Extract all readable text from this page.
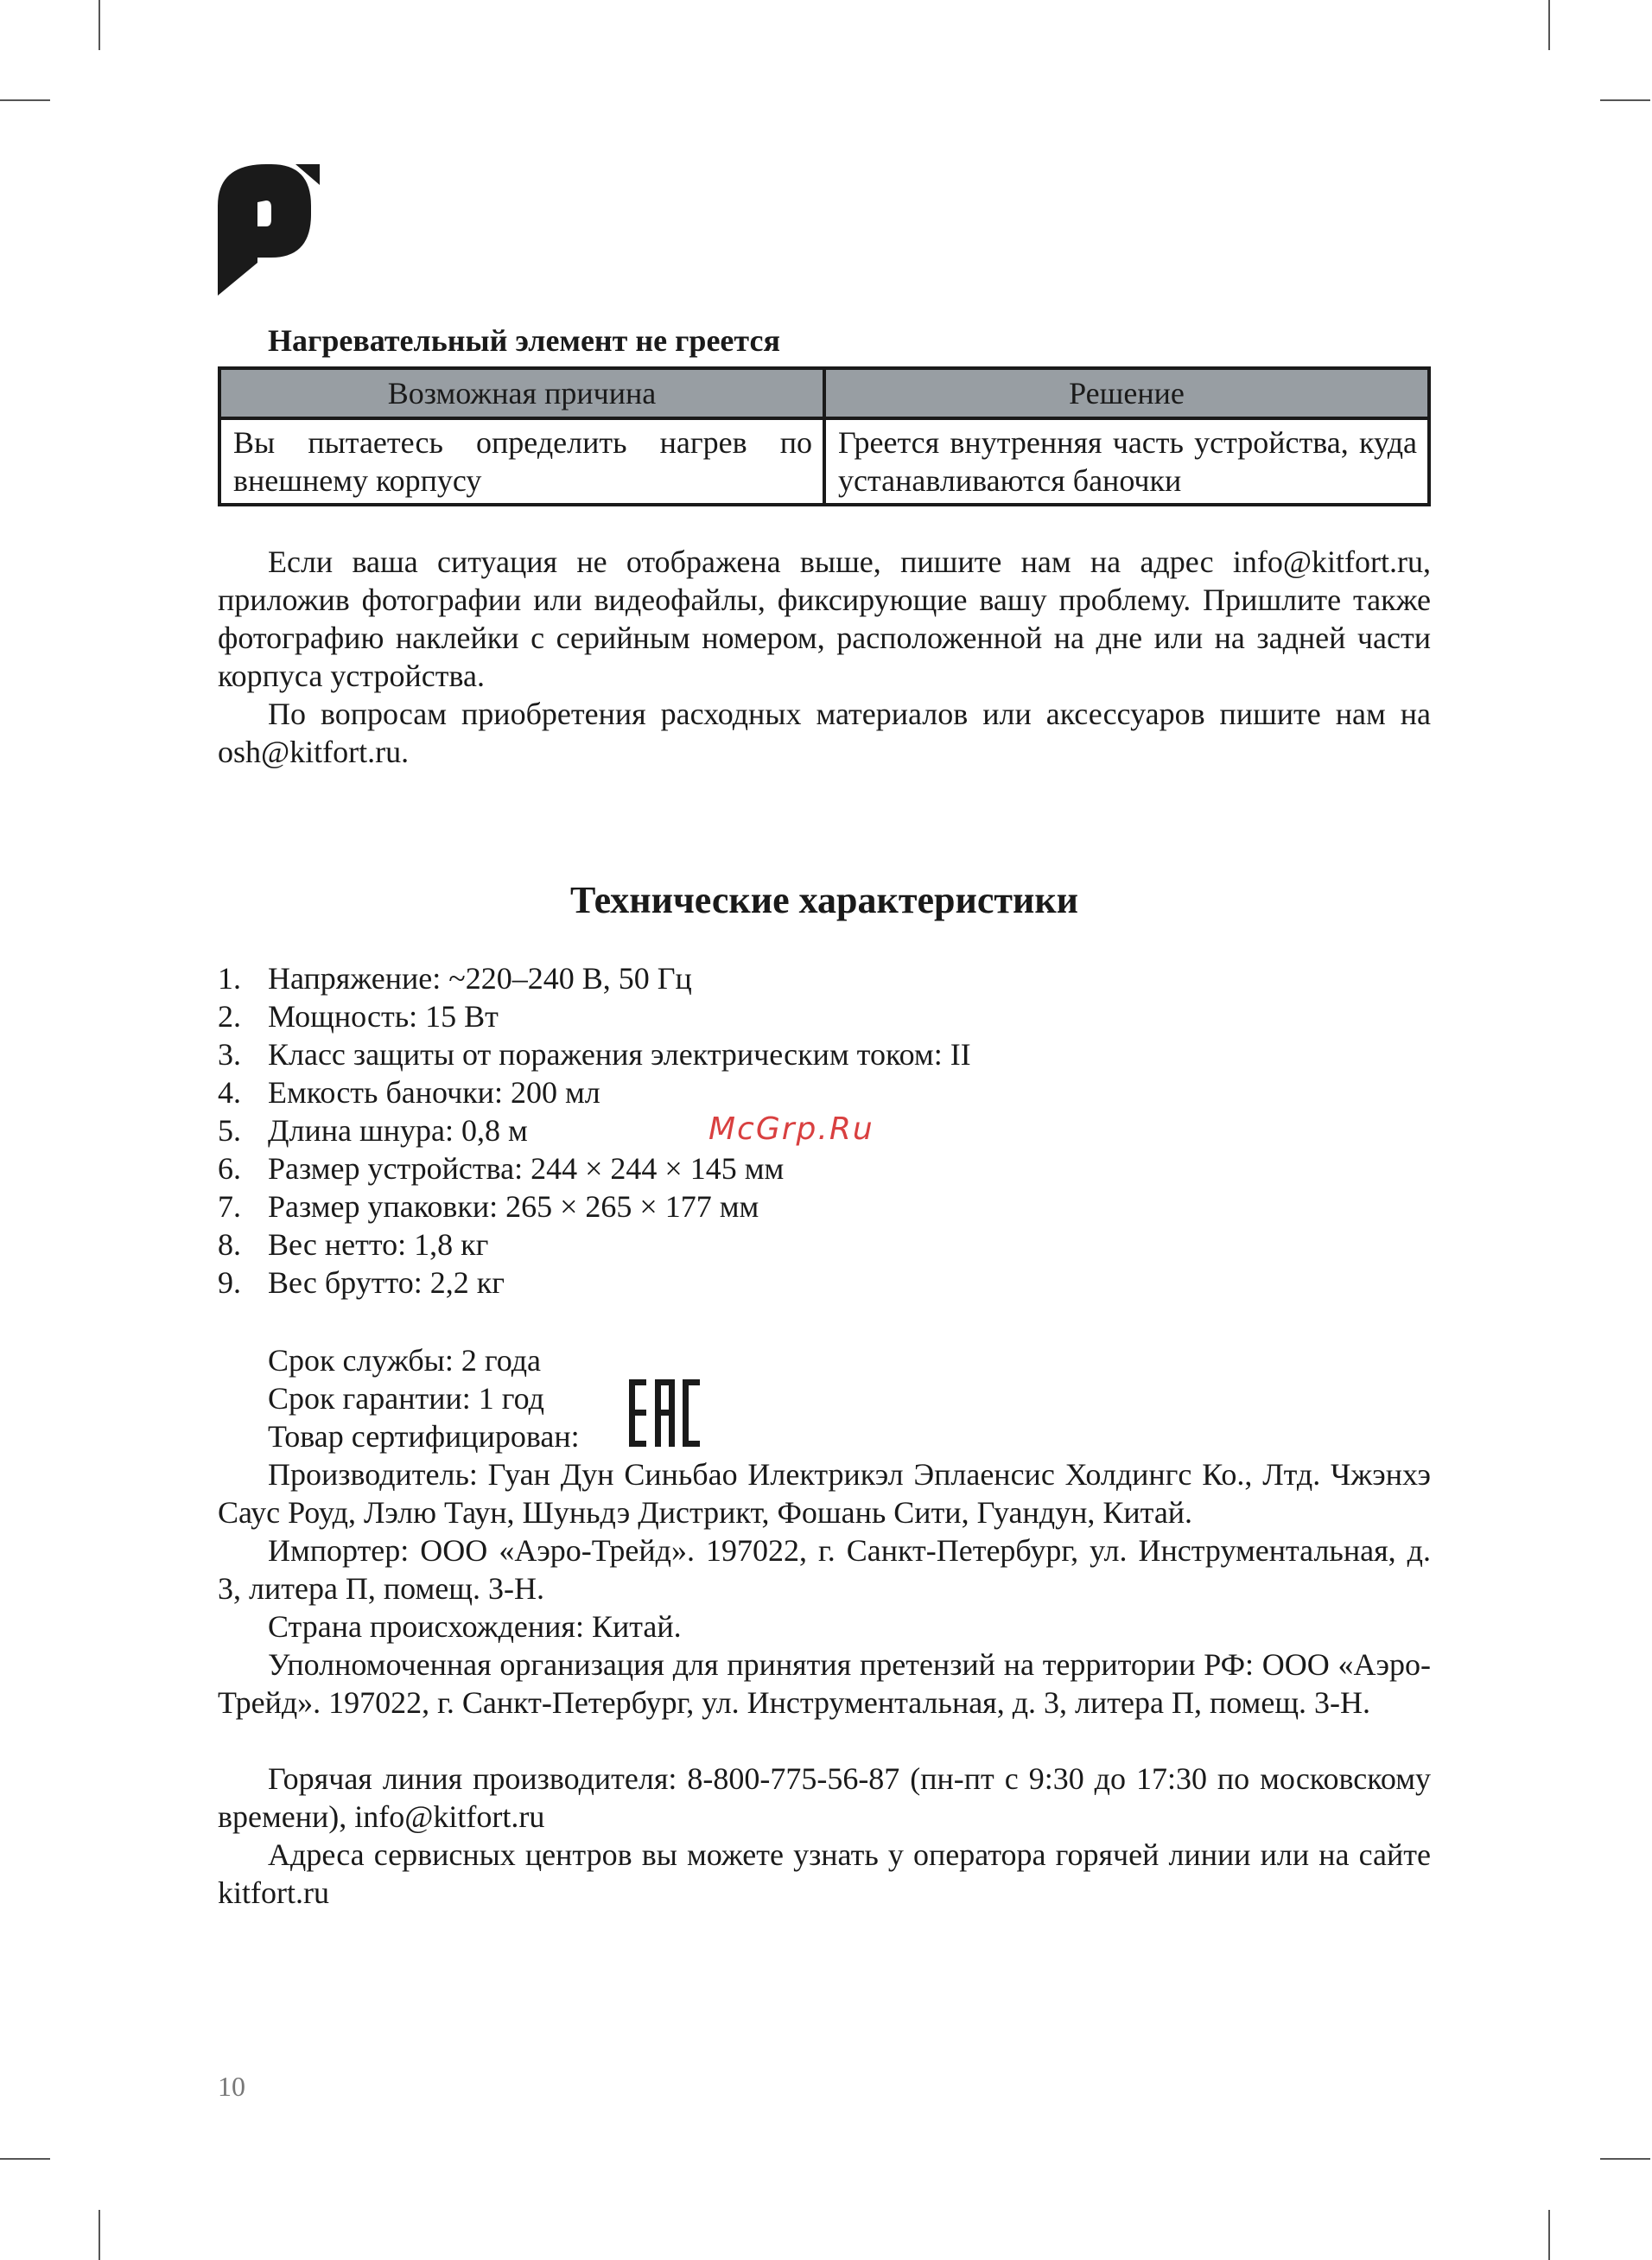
Нагревательный элемент не греется
Возможная причина	Решение
Вы пытаетесь определить нагрев по внешнему корпусу	Греется внутренняя часть устройства, куда устанавливаются баночки

Если ваша ситуация не отображена выше, пишите нам на адрес info@kitfort.ru, приложив фотографии или видеофайлы, фиксирующие вашу проблему. Пришлите также фотографию наклейки с серийным номером, расположенной на дне или на задней части корпуса устройства.

По вопросам приобретения расходных материалов или аксессуаров пишите нам на osh@kitfort.ru.

Технические характеристики
1. Напряжение: ~220–240 В, 50 Гц
2. Мощность: 15 Вт
3. Класс защиты от поражения электрическим током: II
4. Емкость баночки: 200 мл
5. Длина шнура: 0,8 м
6. Размер устройства: 244 × 244 × 145 мм
7. Размер упаковки: 265 × 265 × 177 мм
8. Вес нетто: 1,8 кг
9. Вес брутто: 2,2 кг
McGrp.Ru

Срок службы: 2 года

Срок гарантии: 1 год

Товар сертифицирован:

Производитель: Гуан Дун Синьбао Илектрикэл Эплаенсис Холдингс Ко., Лтд. Чжэнхэ Саус Роуд, Лэлю Таун, Шуньдэ Дистрикт, Фошань Сити, Гуандун, Китай.

Импортер: ООО «Аэро-Трейд». 197022, г. Санкт-Петербург, ул. Инструментальная, д. 3, литера П, помещ. 3-Н.

Страна происхождения: Китай.

Уполномоченная организация для принятия претензий на территории РФ: ООО «Аэро-Трейд». 197022, г. Санкт-Петербург, ул. Инструментальная, д. 3, литера П, помещ. 3-Н.

Горячая линия производителя: 8-800-775-56-87 (пн-пт с 9:30 до 17:30 по московскому времени), info@kitfort.ru

Адреса сервисных центров вы можете узнать у оператора горячей линии или на сайте kitfort.ru

10
